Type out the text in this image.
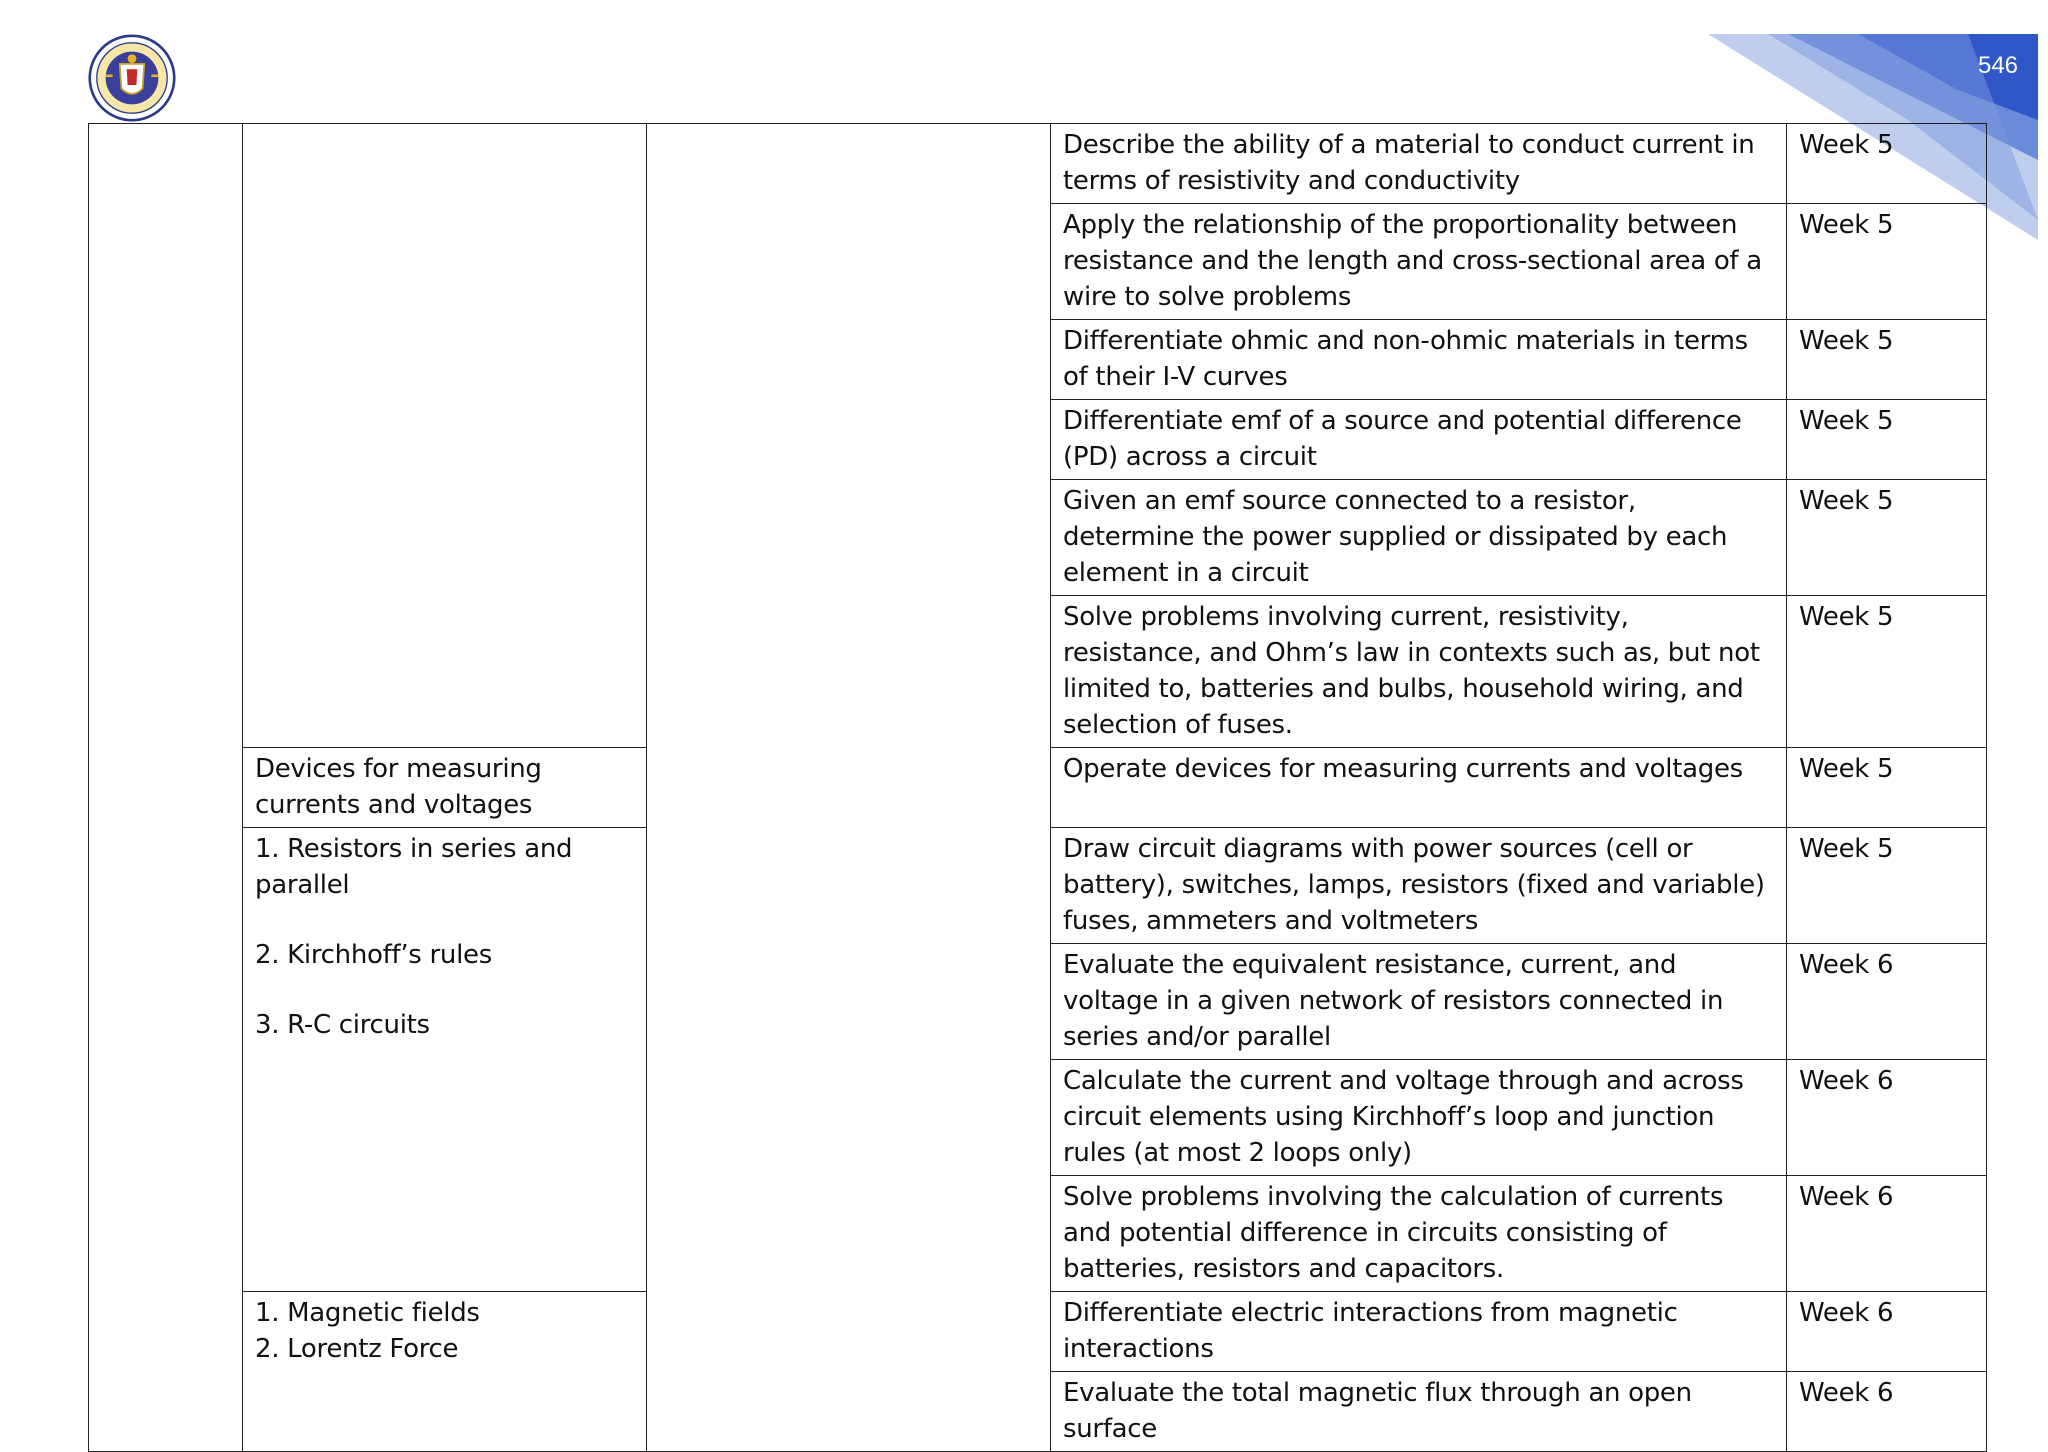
546
			Describe the ability of a material to conduct current in terms of resistivity and conductivity	Week 5
			Apply the relationship of the proportionality between resistance and the length and cross-sectional area of a wire to solve problems	Week 5
			Differentiate ohmic and non-ohmic materials in terms of their I-V curves	Week 5
			Differentiate emf of a source and potential difference (PD) across a circuit	Week 5
			Given an emf source connected to a resistor, determine the power supplied or dissipated by each element in a circuit	Week 5
			Solve problems involving current, resistivity, resistance, and Ohm’s law in contexts such as, but not limited to, batteries and bulbs, household wiring, and selection of fuses.	Week 5
	Devices for measuring currents and voltages		Operate devices for measuring currents and voltages	Week 5

	1. Resistors in series and parallel
2. Kirchhoff’s rules
3. R-C circuits		Draw circuit diagrams with power sources (cell or battery), switches, lamps, resistors (fixed and variable) fuses, ammeters and voltmeters	Week 5
			Evaluate the equivalent resistance, current, and voltage in a given network of resistors connected in series and/or parallel	Week 6
			Calculate the current and voltage through and across circuit elements using Kirchhoff’s loop and junction rules (at most 2 loops only)	Week 6
			Solve problems involving the calculation of currents and potential difference in circuits consisting of batteries, resistors and capacitors.	Week 6

	1. Magnetic fields
2. Lorentz Force		Differentiate electric interactions from magnetic interactions	Week 6
			Evaluate the total magnetic flux through an open surface	Week 6
